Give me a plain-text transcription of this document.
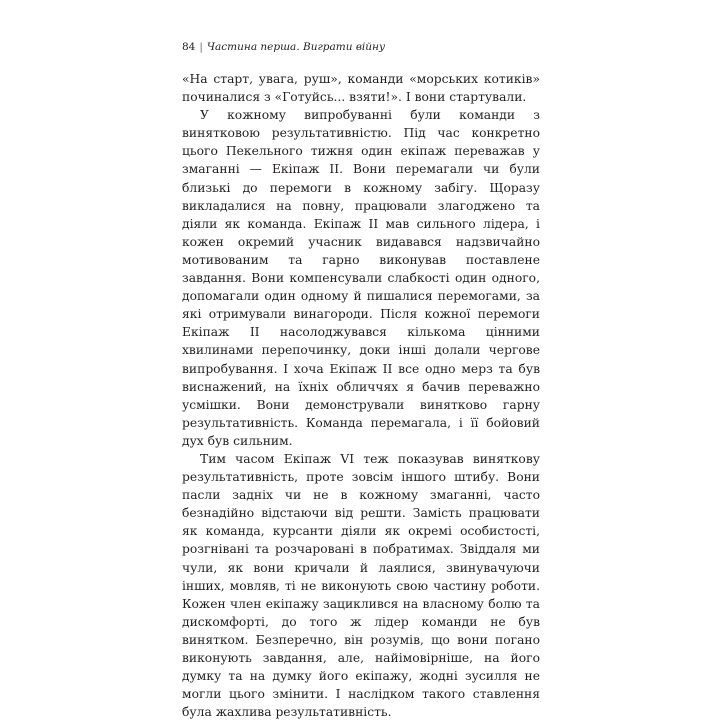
84 | Частина перша. Виграти війну

«На старт, увага, руш», команди «морських котиків» починалися з «Готуйсь... взяти!». І вони стартували.

У кожному випробуванні були команди з винятковою результативністю. Під час конкретно цього Пекельного тижня один екіпаж переважав у змаганні — Екіпаж ІІ. Вони перемагали чи були близькі до перемоги в кожному забігу. Щоразу викладалися на повну, працювали злагоджено та діяли як команда. Екіпаж ІІ мав сильного лідера, і кожен окремий учасник видавався надзвичайно мотивованим та гарно виконував поставлене завдання. Вони компенсували слабкості один одного, допомагали один одному й пишалися перемогами, за які отримували винагороди. Після кожної перемоги Екіпаж ІІ насолоджувався кількома цінними хвилинами перепочинку, доки інші долали чергове випробування. І хоча Екіпаж ІІ все одно мерз та був виснажений, на їхніх обличчях я бачив переважно усмішки. Вони демонстрували винятково гарну результативність. Команда перемагала, і її бойовий дух був сильним.

Тим часом Екіпаж VI теж показував виняткову результативність, проте зовсім іншого штибу. Вони пасли задніх чи не в кожному змаганні, часто безнадійно відстаючи від решти. Замість працювати як команда, курсанти діяли як окремі особистості, розгнівані та розчаровані в побратимах. Звіддаля ми чули, як вони кричали й лаялися, звинувачуючи інших, мовляв, ті не виконують свою частину роботи. Кожен член екіпажу зациклився на власному болю та дискомфорті, до того ж лідер команди не був винятком. Безперечно, він розумів, що вони погано виконують завдання, але, найімовірніше, на його думку та на думку його екіпажу, жодні зусилля не могли цього змінити. І наслідком такого ставлення була жахлива результативність.
